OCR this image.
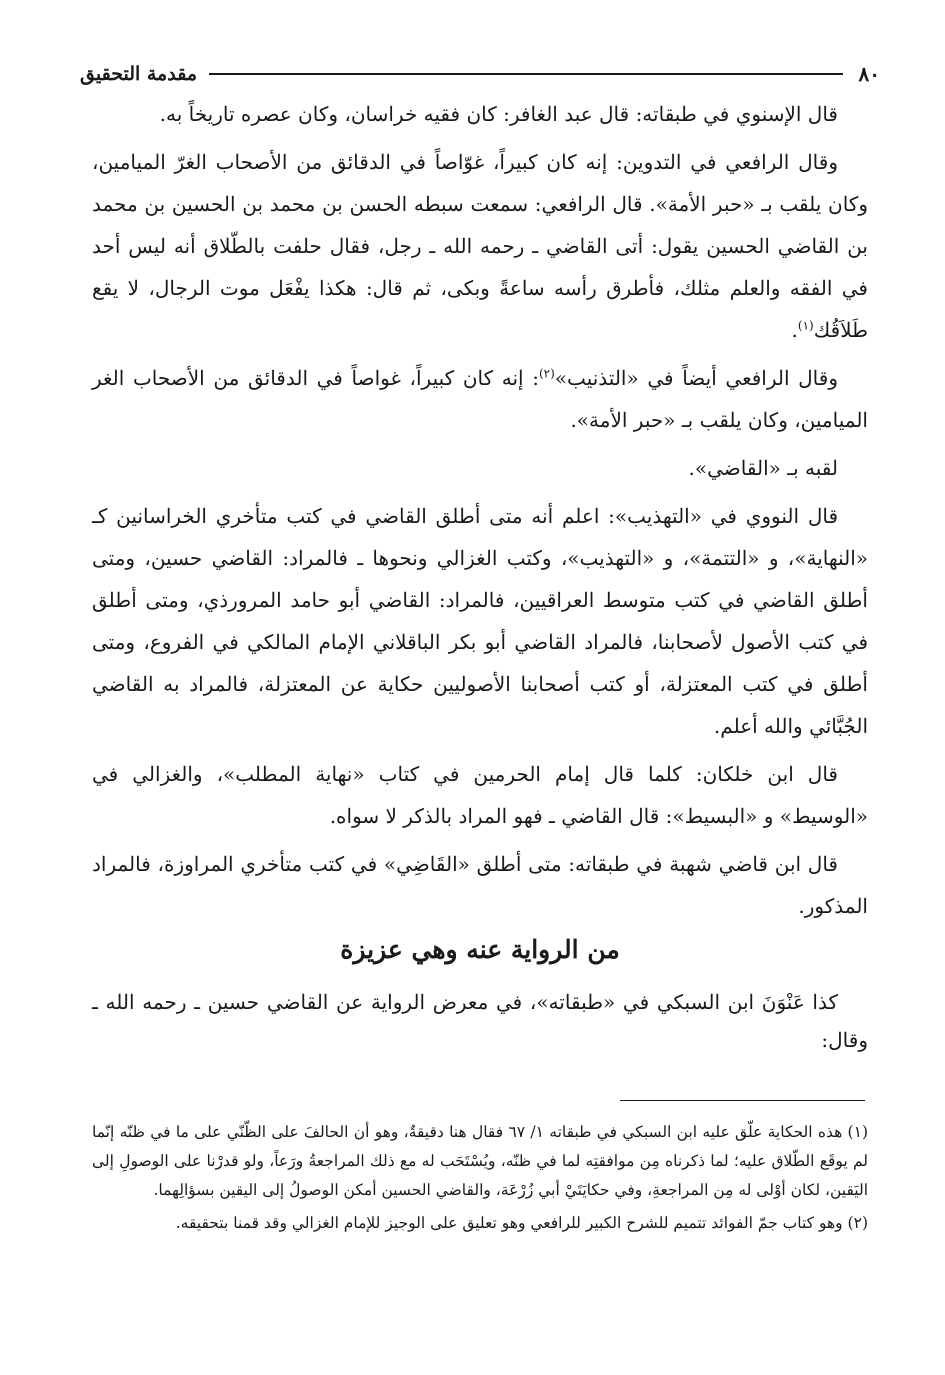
٨٠
مقدمة التحقيق

قال الإسنوي في طبقاته: قال عبد الغافر: كان فقيه خراسان، وكان عصره تاريخاً به.

وقال الرافعي في التدوين: إنه كان كبيراً، غوّاصاً في الدقائق من الأصحاب الغرّ الميامين، وكان يلقب بـ «حبر الأمة». قال الرافعي: سمعت سبطه الحسن بن محمد بن الحسين بن محمد بن القاضي الحسين يقول: أتى القاضي ـ رحمه الله ـ رجل، فقال حلفت بالطّلاق أنه ليس أحد في الفقه والعلم مثلك، فأطرق رأسه ساعةً وبكى، ثم قال: هكذا يفْعَل موت الرجال، لا يقع طَلاَقُك$^{(١)}$.

وقال الرافعي أيضاً في «التذنيب»$^{(٢)}$: إنه كان كبيراً، غواصاً في الدقائق من الأصحاب الغر الميامين، وكان يلقب بـ «حبر الأمة».

لقبه بـ «القاضي».

قال النووي في «التهذيب»: اعلم أنه متى أطلق القاضي في كتب متأخري الخراسانين كـ «النهاية»، و «التتمة»، و «التهذيب»، وكتب الغزالي ونحوها ـ فالمراد: القاضي حسين، ومتى أطلق القاضي في كتب متوسط العراقيين، فالمراد: القاضي أبو حامد المرورذي، ومتى أطلق في كتب الأصول لأصحابنا، فالمراد القاضي أبو بكر الباقلاني الإمام المالكي في الفروع، ومتى أطلق في كتب المعتزلة، أو كتب أصحابنا الأصوليين حكاية عن المعتزلة، فالمراد به القاضي الجُبَّائي والله أعلم.

قال ابن خلكان: كلما قال إمام الحرمين في كتاب «نهاية المطلب»، والغزالي في «الوسيط» و «البسيط»: قال القاضي ـ فهو المراد بالذكر لا سواه.

قال ابن قاضي شهبة في طبقاته: متى أطلق «القَاضِي» في كتب متأخري المراوزة، فالمراد المذكور.

من الرواية عنه وهي عزيزة

كذا عَنْوَنَ ابن السبكي في «طبقاته»، في معرض الرواية عن القاضي حسين ـ رحمه الله ـ وقال:

(١) هذه الحكاية علّق عليه ابن السبكي في طبقاته ١/ ٦٧ فقال هنا دقيقةٌ، وهو أن الحالفَ على الظّنّي على ما في ظنّه إنّما لم يوقَع الطّلاق عليه؛ لما ذكرناه مِن موافقتِه لما في ظنّه، ويُسْتَحَب له مع ذلك المراجعةُ ورَعاً، ولو قدرْنا على الوصولِ إلى اليَقين، لكان أوْلى له مِن المراجعةِ، وفي حكايَتَيْ أبي زُرْعَة، والقاضي الحسين أمكن الوصولُ إلى اليقين بسؤالِهما.

(٢) وهو كتاب جمّ الفوائد تتميم للشرح الكبير للرافعي وهو تعليق على الوجيز للإمام الغزالي وقد قمنا بتحقيقه.
